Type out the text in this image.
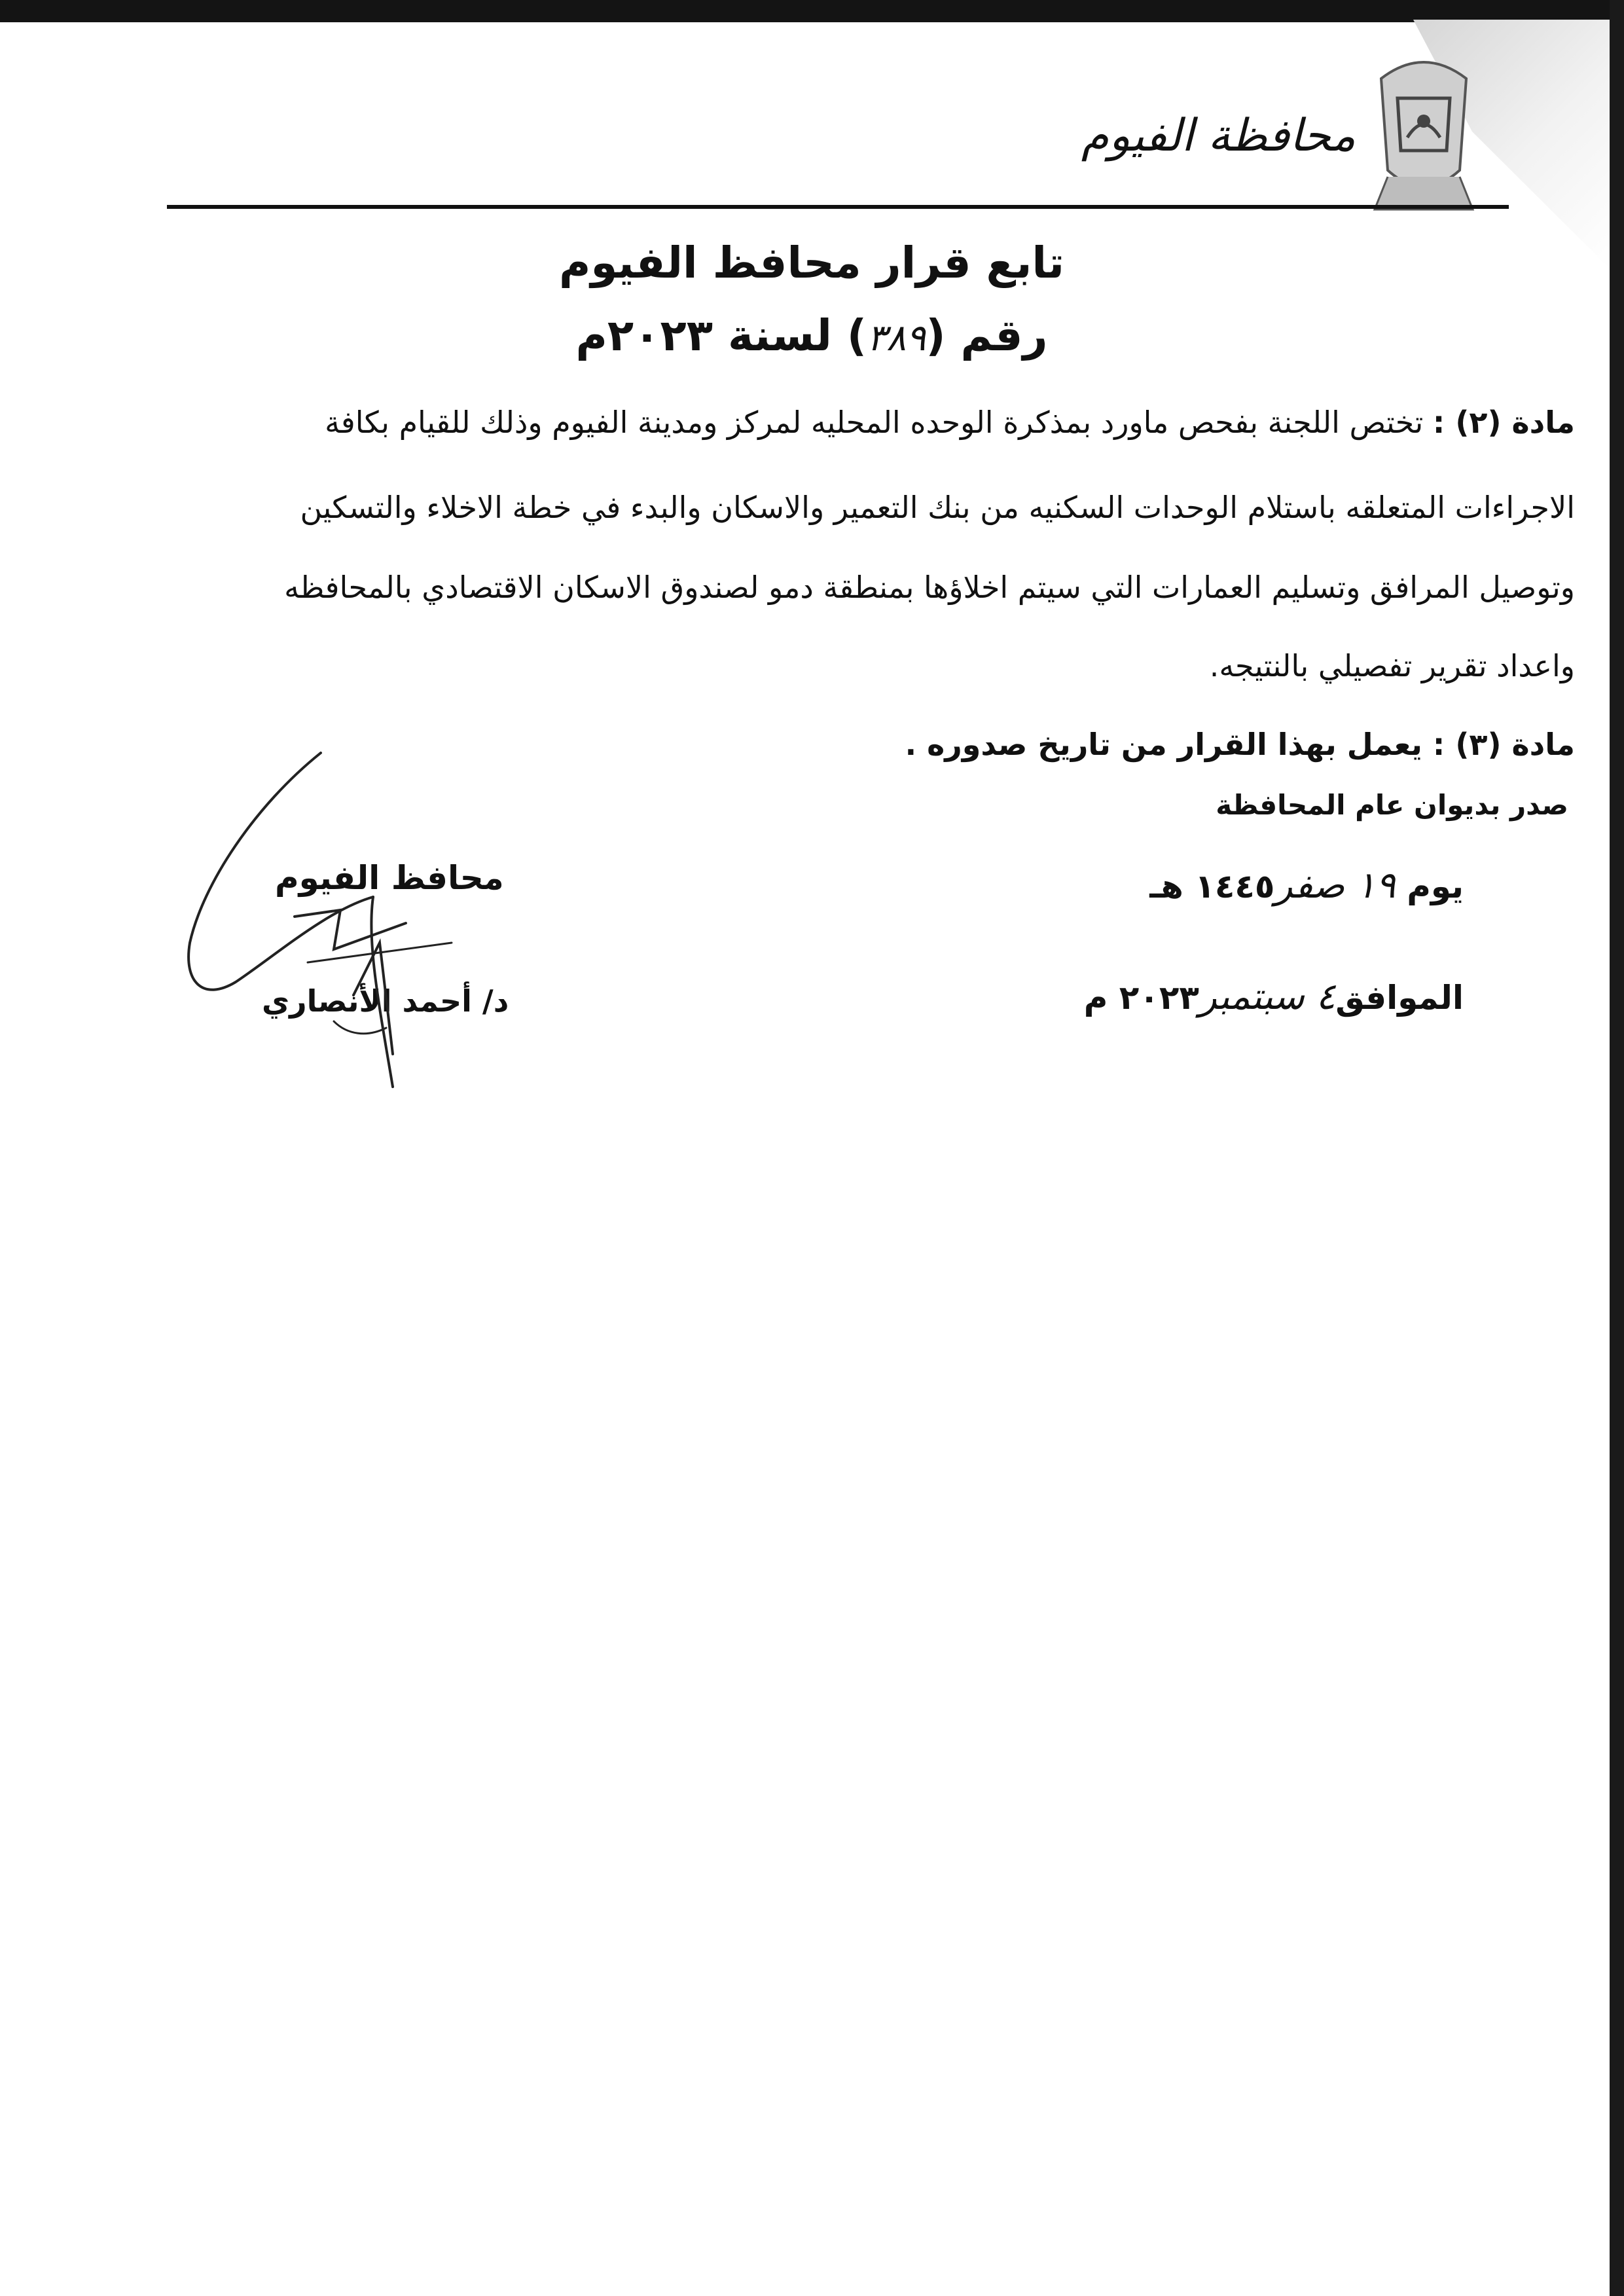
محافظة الفيوم
تابع قرار محافظ الفيوم
رقم (٣٨٩) لسنة ٢٠٢٣م
مادة (٢) : تختص اللجنة بفحص ماورد بمذكرة الوحده المحليه لمركز ومدينة الفيوم وذلك للقيام بكافة
الاجراءات المتعلقه باستلام الوحدات السكنيه من بنك التعمير والاسكان والبدء في خطة الاخلاء والتسكين
وتوصيل المرافق وتسليم العمارات التي سيتم اخلاؤها بمنطقة دمو لصندوق الاسكان الاقتصادي بالمحافظه
واعداد تقرير تفصيلي بالنتيجه.
مادة (٣) : يعمل بهذا القرار من تاريخ صدوره .
صدر بديوان عام المحافظة
يوم ١٩ صفر١٤٤٥ هـ
الموافق٤ سبتمبر٢٠٢٣ م
محافظ الفيوم
د/ أحمد الأنصاري
